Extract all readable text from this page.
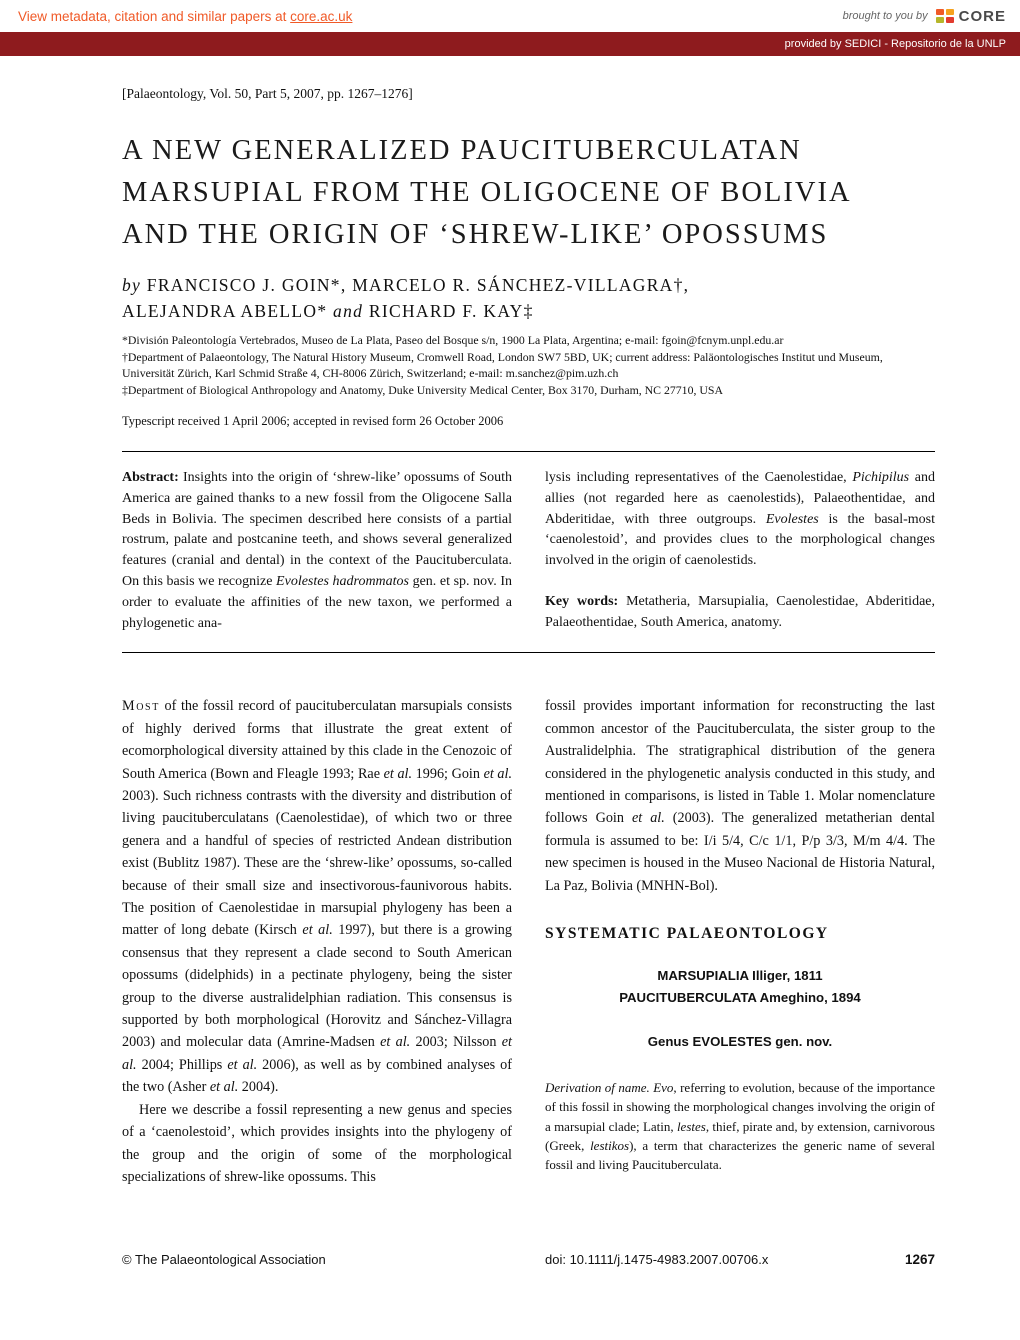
View metadata, citation and similar papers at core.ac.uk	brought to you by CORE
provided by SEDICI - Repositorio de la UNLP
[Palaeontology, Vol. 50, Part 5, 2007, pp. 1267–1276]
A NEW GENERALIZED PAUCITUBERCULATAN
MARSUPIAL FROM THE OLIGOCENE OF BOLIVIA
AND THE ORIGIN OF ‘SHREW-LIKE’ OPOSSUMS
by FRANCISCO J. GOIN*, MARCELO R. SÁNCHEZ-VILLAGRA†,
ALEJANDRA ABELLO* and RICHARD F. KAY‡
*División Paleontología Vertebrados, Museo de La Plata, Paseo del Bosque s/n, 1900 La Plata, Argentina; e-mail: fgoin@fcnym.unpl.edu.ar
†Department of Palaeontology, The Natural History Museum, Cromwell Road, London SW7 5BD, UK; current address: Paläontologisches Institut und Museum, Universität Zürich, Karl Schmid Straße 4, CH-8006 Zürich, Switzerland; e-mail: m.sanchez@pim.uzh.ch
‡Department of Biological Anthropology and Anatomy, Duke University Medical Center, Box 3170, Durham, NC 27710, USA
Typescript received 1 April 2006; accepted in revised form 26 October 2006

Abstract: Insights into the origin of ‘shrew-like’ opossums of South America are gained thanks to a new fossil from the Oligocene Salla Beds in Bolivia. The specimen described here consists of a partial rostrum, palate and postcanine teeth, and shows several generalized features (cranial and dental) in the context of the Paucituberculata. On this basis we recognize Evolestes hadrommatos gen. et sp. nov. In order to evaluate the affinities of the new taxon, we performed a phylogenetic ana-

lysis including representatives of the Caenolestidae, Pichipilus and allies (not regarded here as caenolestids), Palaeothentidae, and Abderitidae, with three outgroups. Evolestes is the basal-most ‘caenolestoid’, and provides clues to the morphological changes involved in the origin of caenolestids.

Key words: Metatheria, Marsupialia, Caenolestidae, Abderitidae, Palaeothentidae, South America, anatomy.

Most of the fossil record of paucituberculatan marsupials consists of highly derived forms that illustrate the great extent of ecomorphological diversity attained by this clade in the Cenozoic of South America (Bown and Fleagle 1993; Rae et al. 1996; Goin et al. 2003). Such richness contrasts with the diversity and distribution of living paucituberculatans (Caenolestidae), of which two or three genera and a handful of species of restricted Andean distribution exist (Bublitz 1987). These are the ‘shrew-like’ opossums, so-called because of their small size and insectivorous-faunivorous habits. The position of Caenolestidae in marsupial phylogeny has been a matter of long debate (Kirsch et al. 1997), but there is a growing consensus that they represent a clade second to South American opossums (didelphids) in a pectinate phylogeny, being the sister group to the diverse australidelphian radiation. This consensus is supported by both morphological (Horovitz and Sánchez-Villagra 2003) and molecular data (Amrine-Madsen et al. 2003; Nilsson et al. 2004; Phillips et al. 2006), as well as by combined analyses of the two (Asher et al. 2004).

Here we describe a fossil representing a new genus and species of a ‘caenolestoid’, which provides insights into the phylogeny of the group and the origin of some of the morphological specializations of shrew-like opossums. This

fossil provides important information for reconstructing the last common ancestor of the Paucituberculata, the sister group to the Australidelphia. The stratigraphical distribution of the genera considered in the phylogenetic analysis conducted in this study, and mentioned in comparisons, is listed in Table 1. Molar nomenclature follows Goin et al. (2003). The generalized metatherian dental formula is assumed to be: I/i 5/4, C/c 1/1, P/p 3/3, M/m 4/4. The new specimen is housed in the Museo Nacional de Historia Natural, La Paz, Bolivia (MNHN-Bol).

SYSTEMATIC PALAEONTOLOGY
MARSUPIALIA Illiger, 1811
PAUCITUBERCULATA Ameghino, 1894
Genus EVOLESTES gen. nov.

Derivation of name. Evo, referring to evolution, because of the importance of this fossil in showing the morphological changes involving the origin of a marsupial clade; Latin, lestes, thief, pirate and, by extension, carnivorous (Greek, lestikos), a term that characterizes the generic name of several fossil and living Paucituberculata.

© The Palaeontological Association	doi: 10.1111/j.1475-4983.2007.00706.x	1267
